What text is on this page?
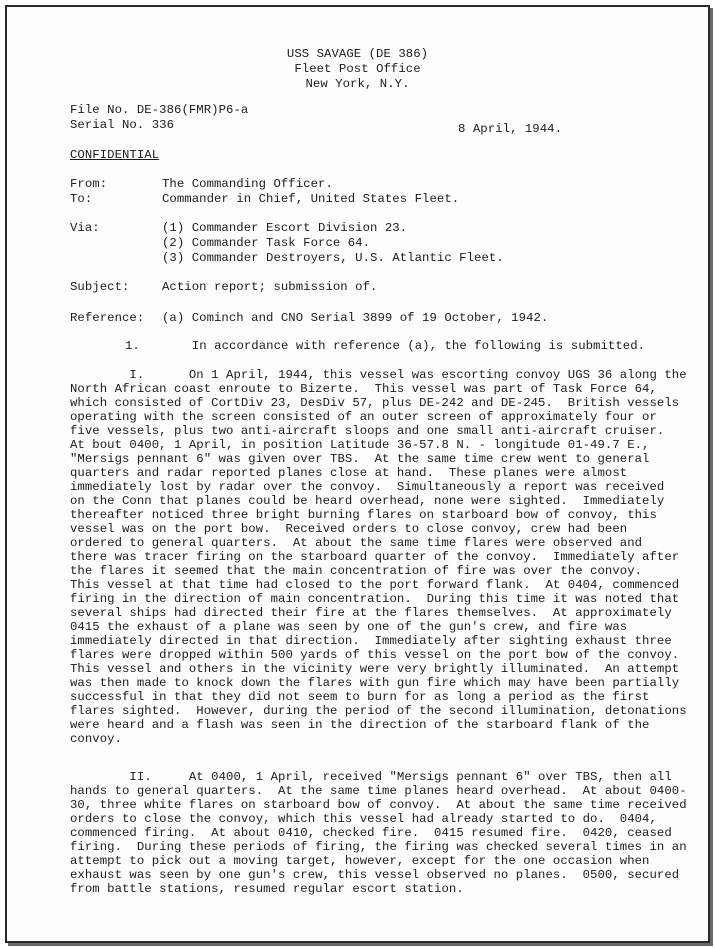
USS SAVAGE (DE 386)
Fleet Post Office
New York, N.Y.
File No. DE-386(FMR)P6-a
Serial No. 336	8 April, 1944.
CONFIDENTIAL
From:	The Commanding Officer.
To:	Commander in Chief, United States Fleet.
Via:	(1) Commander Escort Division 23.
(2) Commander Task Force 64.
(3) Commander Destroyers, U.S. Atlantic Fleet.
Subject:	Action report; submission of.
Reference: (a) Cominch and CNO Serial 3899 of 19 October, 1942.
1.       In accordance with reference (a), the following is submitted.
I.      On 1 April, 1944, this vessel was escorting convoy UGS 36 along the
North African coast enroute to Bizerte.  This vessel was part of Task Force 64,
which consisted of CortDiv 23, DesDiv 57, plus DE-242 and DE-245.  British vessels
operating with the screen consisted of an outer screen of approximately four or
five vessels, plus two anti-aircraft sloops and one small anti-aircraft cruiser.
At bout 0400, 1 April, in position Latitude 36-57.8 N. - longitude 01-49.7 E.,
"Mersigs pennant 6" was given over TBS.  At the same time crew went to general
quarters and radar reported planes close at hand.  These planes were almost
immediately lost by radar over the convoy.  Simultaneously a report was received
on the Conn that planes could be heard overhead, none were sighted.  Immediately
thereafter noticed three bright burning flares on starboard bow of convoy, this
vessel was on the port bow.  Received orders to close convoy, crew had been
ordered to general quarters.  At about the same time flares were observed and
there was tracer firing on the starboard quarter of the convoy.  Immediately after
the flares it seemed that the main concentration of fire was over the convoy.
This vessel at that time had closed to the port forward flank.  At 0404, commenced
firing in the direction of main concentration.  During this time it was noted that
several ships had directed their fire at the flares themselves.  At approximately
0415 the exhaust of a plane was seen by one of the gun's crew, and fire was
immediately directed in that direction.  Immediately after sighting exhaust three
flares were dropped within 500 yards of this vessel on the port bow of the convoy.
This vessel and others in the vicinity were very brightly illuminated.  An attempt
was then made to knock down the flares with gun fire which may have been partially
successful in that they did not seem to burn for as long a period as the first
flares sighted.  However, during the period of the second illumination, detonations
were heard and a flash was seen in the direction of the starboard flank of the
convoy.
II.     At 0400, 1 April, received "Mersigs pennant 6" over TBS, then all
hands to general quarters.  At the same time planes heard overhead.  At about 0400-
30, three white flares on starboard bow of convoy.  At about the same time received
orders to close the convoy, which this vessel had already started to do.  0404,
commenced firing.  At about 0410, checked fire.  0415 resumed fire.  0420, ceased
firing.  During these periods of firing, the firing was checked several times in an
attempt to pick out a moving target, however, except for the one occasion when
exhaust was seen by one gun's crew, this vessel observed no planes.  0500, secured
from battle stations, resumed regular escort station.
